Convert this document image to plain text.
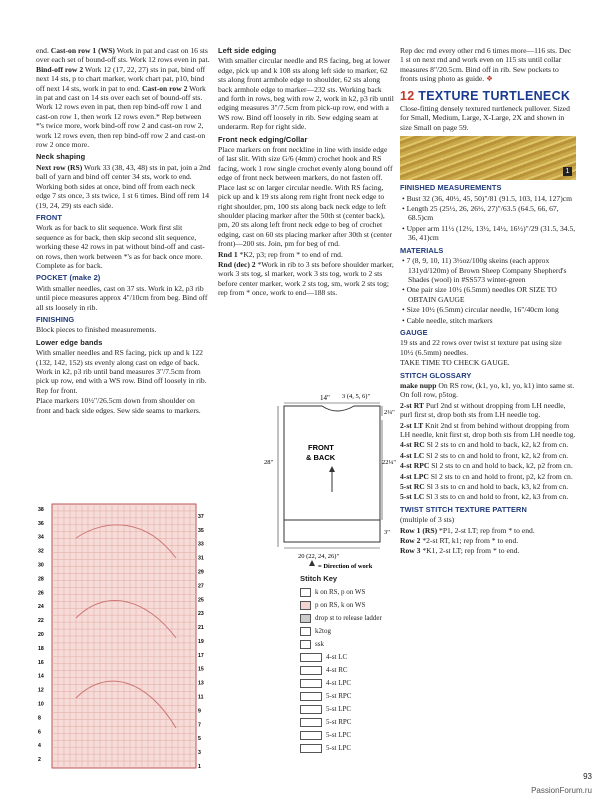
end. Cast-on row 1 (WS) Work in pat and cast on 16 sts over each set of bound-off sts. Work 12 rows even in pat. Bind-off row 2 Work 12 (17, 22, 27) sts in pat, bind off next 14 sts, p to chart marker, work chart pat, p10, bind off next 14 sts, work in pat to end. Cast-on row 2 Work in pat and cast on 14 sts over each set of bound-off sts. Work 12 rows even in pat, then rep bind-off row 1 and cast-on row 1, then work 12 rows even.* Rep between *'s twice more, work bind-off row 2 and cast-on row 2, work 12 rows even, then rep bind-off row 2 and cast-on row 2 once more.

Neck shaping

Next row (RS) Work 33 (38, 43, 48) sts in pat, join a 2nd ball of yarn and bind off center 34 sts, work to end. Working both sides at once, bind off from each neck edge 7 sts once, 3 sts twice, 1 st 6 times. Bind off rem 14 (19, 24, 29) sts each side.

FRONT

Work as for back to slit sequence. Work first slit sequence as for back, then skip second slit sequence, working these 42 rows in pat without bind-off and cast-on rows, then work between *'s as for back once more. Complete as for back.

POCKET (make 2)

With smaller needles, cast on 37 sts. Work in k2, p3 rib until piece measures approx 4"/10cm from beg. Bind off all sts loosely in rib.

FINISHING

Block pieces to finished measurements.

Lower edge bands

With smaller needles and RS facing, pick up and k 122 (132, 142, 152) sts evenly along cast on edge of back. Work in k2, p3 rib until band measures 3"/7.5cm from pick up row, end with a WS row. Bind off loosely in rib. Rep for front.

Place markers 10½"/26.5cm down from shoulder on front and back side edges. Sew side seams to markers.

Left side edging

With smaller circular needle and RS facing, beg at lower edge, pick up and k 108 sts along left side to marker, 62 sts along front armhole edge to shoulder, 62 sts along back armhole edge to marker—232 sts. Working back and forth in rows, beg with row 2, work in k2, p3 rib until edging measures 3"/7.5cm from pick-up row, end with a WS row. Bind off loosely in rib. Sew edging seam at underarm. Rep for right side.

Front neck edging/Collar

Place markers on front neckline in line with inside edge of last slit. With size G/6 (4mm) crochet hook and RS facing, work 1 row single crochet evenly along bound off edge of front neck between markers, do not fasten off. Place last sc on larger circular needle. With RS facing, pick up and k 19 sts along rem right front neck edge to right shoulder, pm, 100 sts along back neck edge to left shoulder placing marker after the 50th st (center back), pm, 20 sts along left front neck edge to beg of crochet edging, cast on 60 sts placing marker after 30th st (center front)—200 sts. Join, pm for beg of rnd.

Rnd 1 *K2, p3; rep from * to end of rnd.

Rnd (dec) 2 *Work in rib to 3 sts before shoulder marker, work 3 sts tog, sl marker, work 3 sts tog, work to 2 sts before center marker, work 2 sts tog, sm, work 2 sts tog; rep from * once, work to end—188 sts.

Rep dec rnd every other rnd 6 times more—116 sts. Dec 1 st on next rnd and work even on 115 sts until collar measures 8"/20.5cm. Bind off in rib. Sew pockets to fronts using photo as guide. ❖

12 TEXTURE TURTLENECK

Close-fitting densely textured turtleneck pullover. Sized for Small, Medium, Large, X-Large, 2X and shown in size Small on page 59.

1
FINISHED MEASUREMENTS
• Bust 32 (36, 40½, 45, 50)"/81 (91.5, 103, 114, 127)cm
• Length 25 (25½, 26, 26½, 27)"/63.5 (64.5, 66, 67, 68.5)cm
• Upper arm 11½ (12½, 13½, 14½, 16½)"/29 (31.5, 34.5, 36, 41)cm
MATERIALS
• 7 (8, 9, 10, 11) 3½oz/100g skeins (each approx 131yd/120m) of Brown Sheep Company Shepherd's Shades (wool) in #SS573 winter-green
• One pair size 10½ (6.5mm) needles OR SIZE TO OBTAIN GAUGE
• Size 10½ (6.5mm) circular needle, 16"/40cm long
• Cable needle, stitch markers
GAUGE

19 sts and 22 rows over twist st texture pat using size 10½ (6.5mm) needles.

TAKE TIME TO CHECK GAUGE.

STITCH GLOSSARY

make nupp On RS row, (k1, yo, k1, yo, k1) into same st. On foll row, p5tog.

2-st RT Purl 2nd st without dropping from LH needle, purl first st, drop both sts from LH needle tog.

2-st LT Knit 2nd st from behind without dropping from LH needle, knit first st, drop both sts from LH needle tog.

4-st RC Sl 2 sts to cn and hold to back, k2, k2 from cn.

4-st LC Sl 2 sts to cn and hold to front, k2, k2 from cn.

4-st RPC Sl 2 sts to cn and hold to back, k2, p2 from cn.

4-st LPC Sl 2 sts to cn and hold to front, p2, k2 from cn.

5-st RC Sl 3 sts to cn and hold to back, k3, k2 from cn.

5-st LC Sl 3 sts to cn and hold to front, k2, k3 from cn.

TWIST STITCH TEXTURE PATTERN

(multiple of 3 sts)

Row 1 (RS) *P1, 2-st LT; rep from * to end.

Row 2 *2-st RT, k1; rep from * to end.

Row 3 *K1, 2-st LT; rep from * to end.

14" 3 (4, 5, 6)"
2¼"
28"	22¼"
FRONT
& BACK
3"
20 (22, 24, 26)"
= Direction of work
38
36
34
32
30
28
26
24
22
20
18
16
14
12
10
8
6
4
2
37
35
33
31
29
27
25
23
21
19
17
15
13
11
9
7
5
3
1
Stitch Key
k on RS, p on WS
p on RS, k on WS
drop st to release ladder
k2tog
ssk
4-st LC
4-st RC
4-st LPC
5-st RPC
5-st LPC
5-st RPC
5-st LPC
5-st LPC
93
PassionForum.ru
